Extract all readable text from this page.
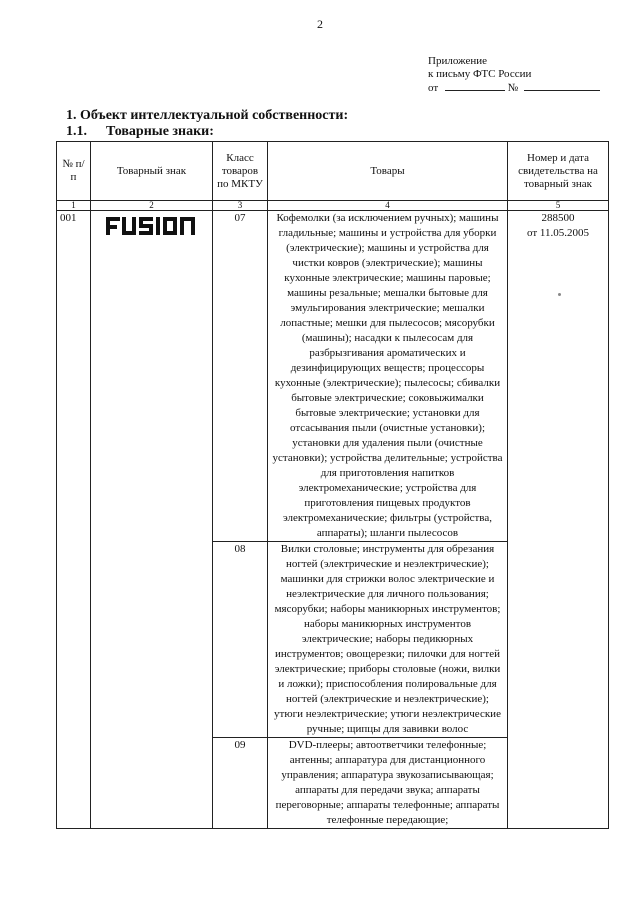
2
Приложение
к письму ФТС России
от	№
1. Объект интеллектуальной собственности:
1.1. Товарные знаки:
№ п/п	Товарный знак	Класс товаров по МКТУ	Товары	Номер и дата свидетельства на товарный знак
1	2	3	4	5
001		07	Кофемолки (за исключением ручных); машины гладильные; машины и устройства для уборки (электрические); машины и устройства для чистки ковров (электрические); машины кухонные электрические; машины паровые; машины резальные; мешалки бытовые для эмульгирования электрические; мешалки лопастные; мешки для пылесосов; мясорубки (машины); насадки к пылесосам для разбрызгивания ароматических и дезинфицирующих веществ; процессоры кухонные (электрические); пылесосы; сбивалки бытовые электрические; соковыжималки бытовые электрические; установки для отсасывания пыли (очистные установки); установки для удаления пыли (очистные установки); устройства делительные; устройства для приготовления напитков электромеханические; устройства для приготовления пищевых продуктов электромеханические; фильтры (устройства, аппараты); шланги пылесосов	288500
от 11.05.2005

		08	Вилки столовые; инструменты для обрезания ногтей (электрические и неэлектрические); машинки для стрижки волос электрические и неэлектрические для личного пользования; мясорубки; наборы маникюрных инструментов; наборы маникюрных инструментов электрические; наборы педикюрных инструментов; овощерезки; пилочки для ногтей электрические; приборы столовые (ножи, вилки и ложки); приспособления полировальные для ногтей (электрические и неэлектрические); утюги неэлектрические; утюги неэлектрические ручные; щипцы для завивки волос	
		09	DVD-плееры; автоответчики телефонные; антенны; аппаратура для дистанционного управления; аппаратура звукозаписывающая; аппараты для передачи звука; аппараты переговорные; аппараты телефонные; аппараты телефонные передающие;	
